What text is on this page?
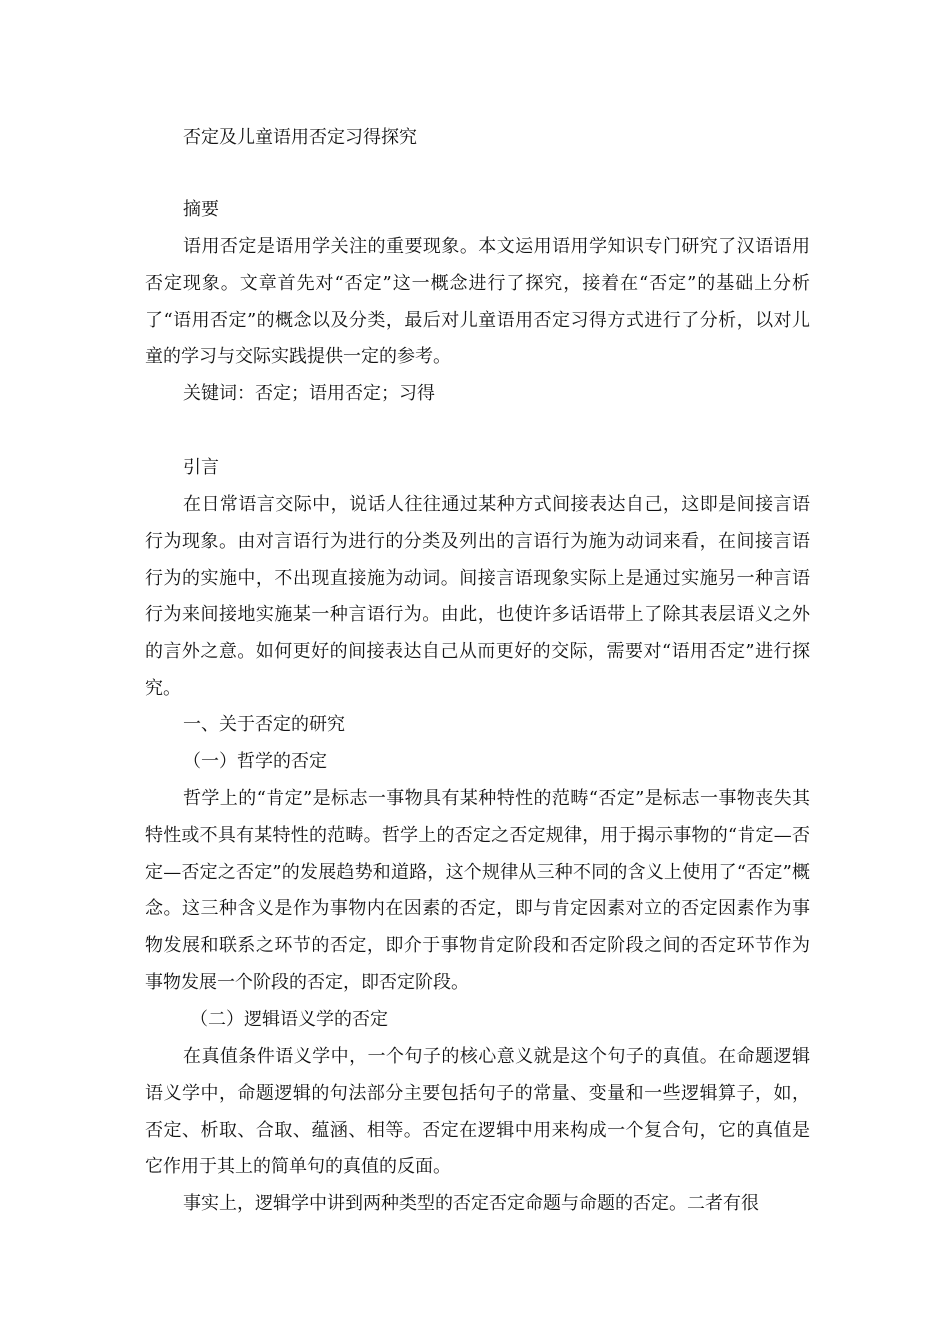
否定及儿童语用否定习得探究
摘要

语用否定是语用学关注的重要现象。本文运用语用学知识专门研究了汉语语用否定现象。文章首先对“否定”这一概念进行了探究，接着在“否定”的基础上分析了“语用否定”的概念以及分类，最后对儿童语用否定习得方式进行了分析，以对儿童的学习与交际实践提供一定的参考。

关键词：否定；语用否定；习得
引言

在日常语言交际中，说话人往往通过某种方式间接表达自己，这即是间接言语行为现象。由对言语行为进行的分类及列出的言语行为施为动词来看，在间接言语行为的实施中，不出现直接施为动词。间接言语现象实际上是通过实施另一种言语行为来间接地实施某一种言语行为。由此，也使许多话语带上了除其表层语义之外的言外之意。如何更好的间接表达自己从而更好的交际，需要对“语用否定”进行探究。

一、关于否定的研究
（一）哲学的否定

哲学上的“肯定”是标志一事物具有某种特性的范畴“否定”是标志一事物丧失其特性或不具有某特性的范畴。哲学上的否定之否定规律，用于揭示事物的“肯定—否定—否定之否定”的发展趋势和道路，这个规律从三种不同的含义上使用了“否定”概念。这三种含义是作为事物内在因素的否定，即与肯定因素对立的否定因素作为事物发展和联系之环节的否定，即介于事物肯定阶段和否定阶段之间的否定环节作为事物发展一个阶段的否定，即否定阶段。

（二）逻辑语义学的否定

在真值条件语义学中，一个句子的核心意义就是这个句子的真值。在命题逻辑语义学中，命题逻辑的句法部分主要包括句子的常量、变量和一些逻辑算子，如，否定、析取、合取、蕴涵、相等。否定在逻辑中用来构成一个复合句，它的真值是它作用于其上的简单句的真值的反面。

事实上，逻辑学中讲到两种类型的否定否定命题与命题的否定。二者有很
